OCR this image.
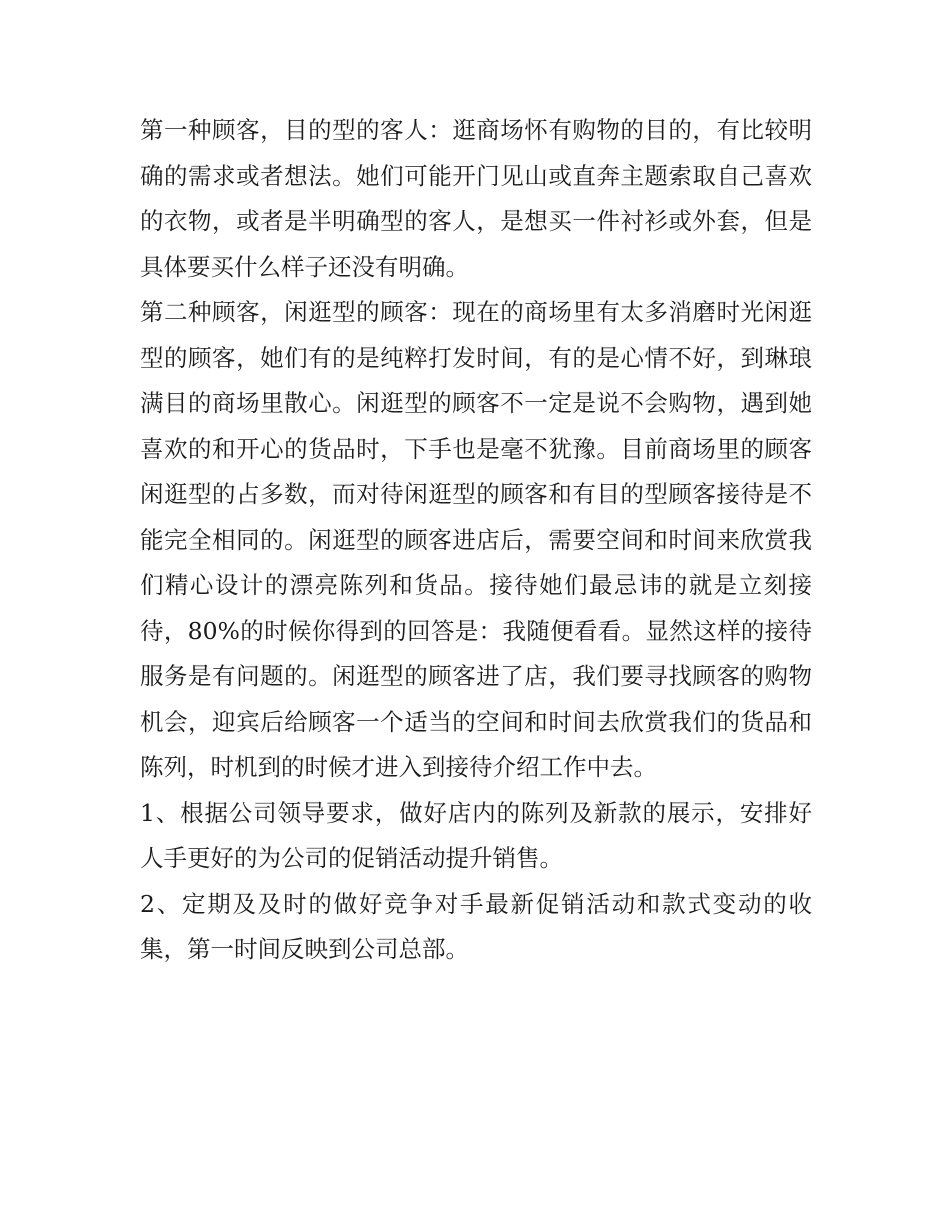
第一种顾客，目的型的客人：逛商场怀有购物的目的，有比较明确的需求或者想法。她们可能开门见山或直奔主题索取自己喜欢的衣物，或者是半明确型的客人，是想买一件衬衫或外套，但是具体要买什么样子还没有明确。

第二种顾客，闲逛型的顾客：现在的商场里有太多消磨时光闲逛型的顾客，她们有的是纯粹打发时间，有的是心情不好，到琳琅满目的商场里散心。闲逛型的顾客不一定是说不会购物，遇到她喜欢的和开心的货品时，下手也是毫不犹豫。目前商场里的顾客闲逛型的占多数，而对待闲逛型的顾客和有目的型顾客接待是不能完全相同的。闲逛型的顾客进店后，需要空间和时间来欣赏我们精心设计的漂亮陈列和货品。接待她们最忌讳的就是立刻接待，80%的时候你得到的回答是：我随便看看。显然这样的接待服务是有问题的。闲逛型的顾客进了店，我们要寻找顾客的购物机会，迎宾后给顾客一个适当的空间和时间去欣赏我们的货品和陈列，时机到的时候才进入到接待介绍工作中去。

1、根据公司领导要求，做好店内的陈列及新款的展示，安排好人手更好的为公司的促销活动提升销售。

2、定期及及时的做好竞争对手最新促销活动和款式变动的收集，第一时间反映到公司总部。
